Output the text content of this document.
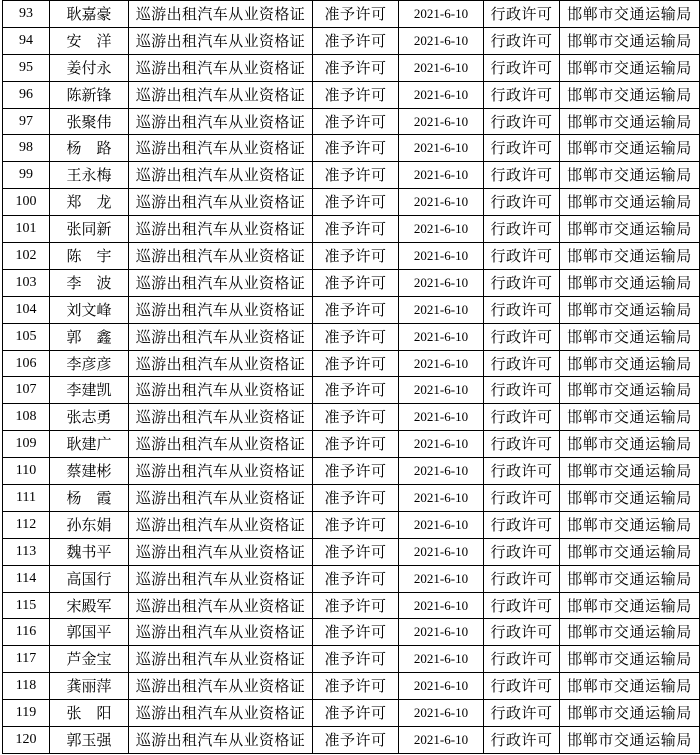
93	耿嘉豪	巡游出租汽车从业资格证	准予许可	2021-6-10	行政许可	邯郸市交通运输局
94	安　洋	巡游出租汽车从业资格证	准予许可	2021-6-10	行政许可	邯郸市交通运输局
95	姜付永	巡游出租汽车从业资格证	准予许可	2021-6-10	行政许可	邯郸市交通运输局
96	陈新锋	巡游出租汽车从业资格证	准予许可	2021-6-10	行政许可	邯郸市交通运输局
97	张聚伟	巡游出租汽车从业资格证	准予许可	2021-6-10	行政许可	邯郸市交通运输局
98	杨　路	巡游出租汽车从业资格证	准予许可	2021-6-10	行政许可	邯郸市交通运输局
99	王永梅	巡游出租汽车从业资格证	准予许可	2021-6-10	行政许可	邯郸市交通运输局
100	郑　龙	巡游出租汽车从业资格证	准予许可	2021-6-10	行政许可	邯郸市交通运输局
101	张同新	巡游出租汽车从业资格证	准予许可	2021-6-10	行政许可	邯郸市交通运输局
102	陈　宇	巡游出租汽车从业资格证	准予许可	2021-6-10	行政许可	邯郸市交通运输局
103	李　波	巡游出租汽车从业资格证	准予许可	2021-6-10	行政许可	邯郸市交通运输局
104	刘文峰	巡游出租汽车从业资格证	准予许可	2021-6-10	行政许可	邯郸市交通运输局
105	郭　鑫	巡游出租汽车从业资格证	准予许可	2021-6-10	行政许可	邯郸市交通运输局
106	李彦彦	巡游出租汽车从业资格证	准予许可	2021-6-10	行政许可	邯郸市交通运输局
107	李建凯	巡游出租汽车从业资格证	准予许可	2021-6-10	行政许可	邯郸市交通运输局
108	张志勇	巡游出租汽车从业资格证	准予许可	2021-6-10	行政许可	邯郸市交通运输局
109	耿建广	巡游出租汽车从业资格证	准予许可	2021-6-10	行政许可	邯郸市交通运输局
110	蔡建彬	巡游出租汽车从业资格证	准予许可	2021-6-10	行政许可	邯郸市交通运输局
111	杨　霞	巡游出租汽车从业资格证	准予许可	2021-6-10	行政许可	邯郸市交通运输局
112	孙东娟	巡游出租汽车从业资格证	准予许可	2021-6-10	行政许可	邯郸市交通运输局
113	魏书平	巡游出租汽车从业资格证	准予许可	2021-6-10	行政许可	邯郸市交通运输局
114	高国行	巡游出租汽车从业资格证	准予许可	2021-6-10	行政许可	邯郸市交通运输局
115	宋殿军	巡游出租汽车从业资格证	准予许可	2021-6-10	行政许可	邯郸市交通运输局
116	郭国平	巡游出租汽车从业资格证	准予许可	2021-6-10	行政许可	邯郸市交通运输局
117	芦金宝	巡游出租汽车从业资格证	准予许可	2021-6-10	行政许可	邯郸市交通运输局
118	龚丽萍	巡游出租汽车从业资格证	准予许可	2021-6-10	行政许可	邯郸市交通运输局
119	张　阳	巡游出租汽车从业资格证	准予许可	2021-6-10	行政许可	邯郸市交通运输局
120	郭玉强	巡游出租汽车从业资格证	准予许可	2021-6-10	行政许可	邯郸市交通运输局
